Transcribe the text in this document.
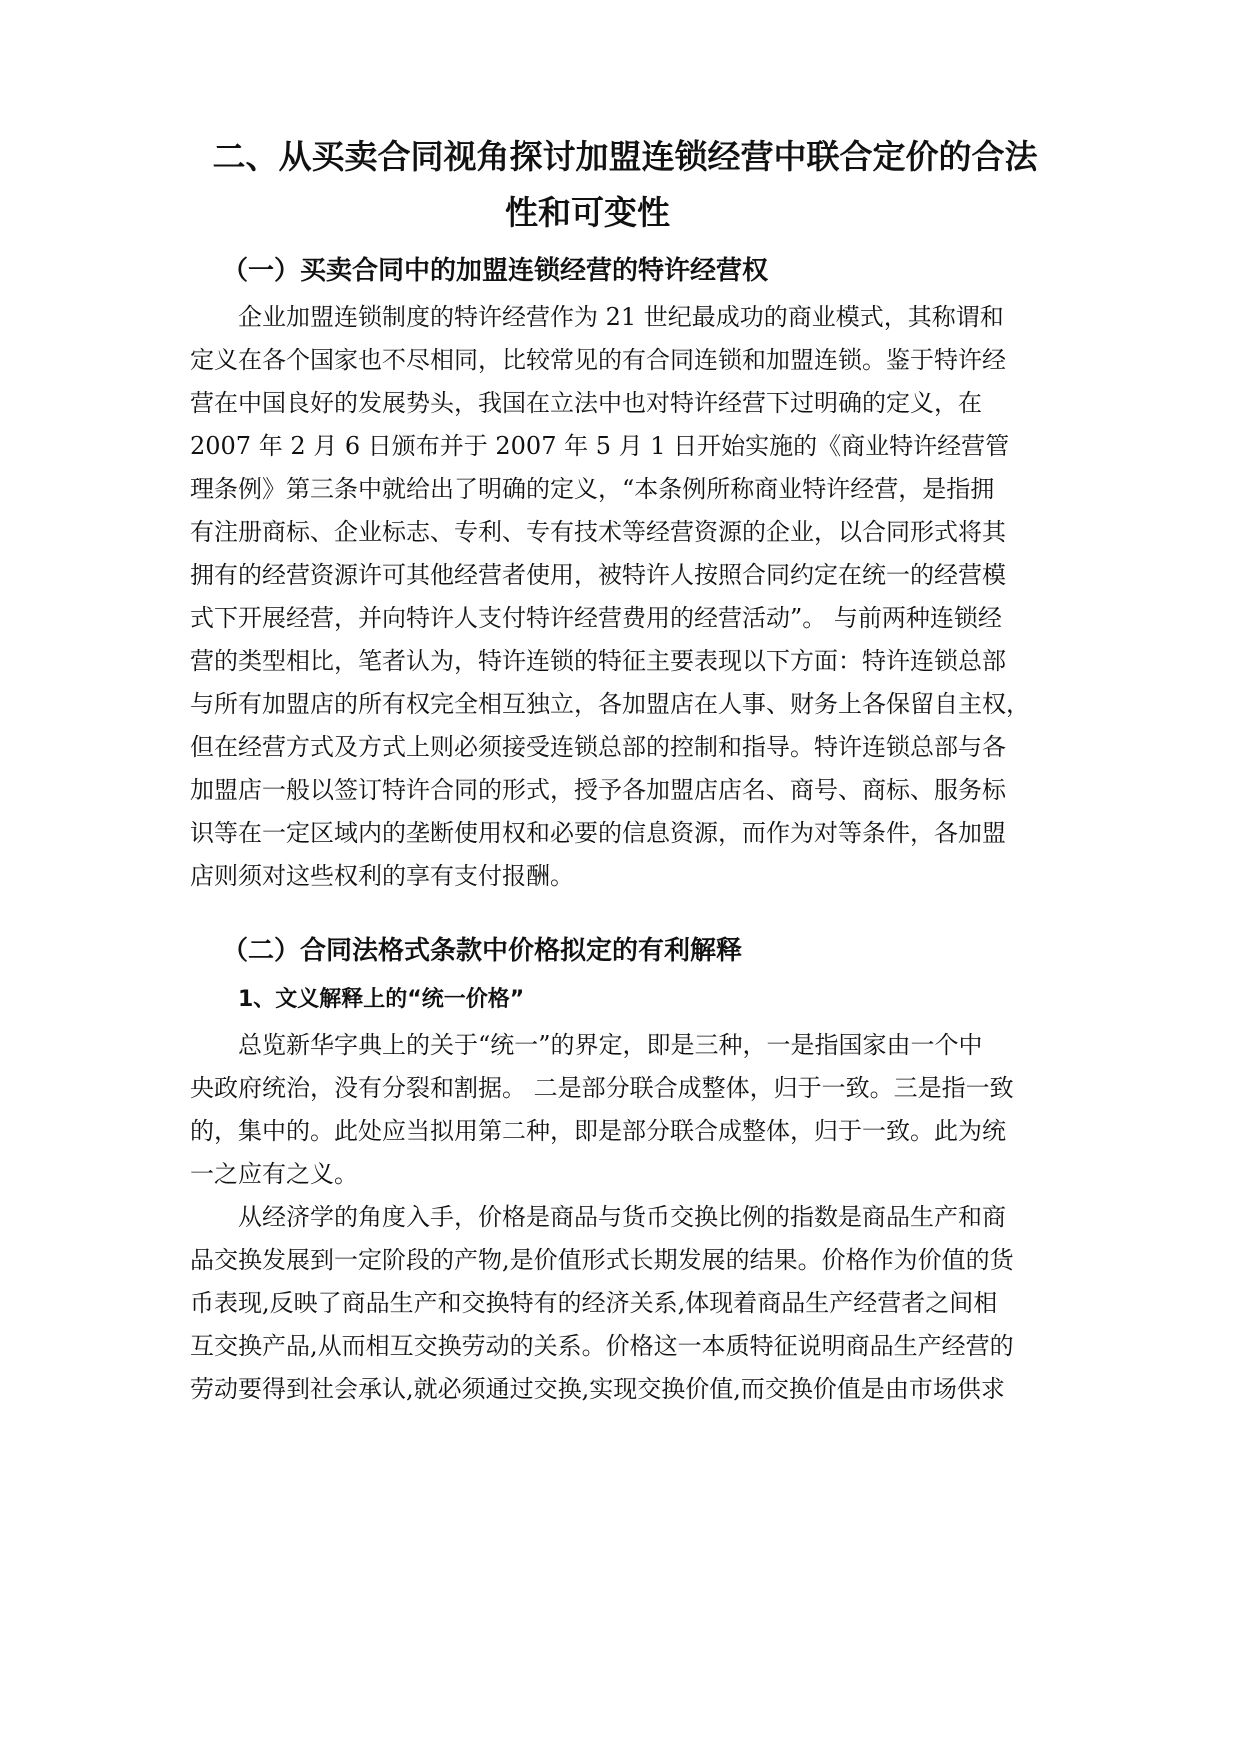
二、从买卖合同视角探讨加盟连锁经营中联合定价的合法
性和可变性
（一）买卖合同中的加盟连锁经营的特许经营权
企业加盟连锁制度的特许经营作为 21 世纪最成功的商业模式，其称谓和
定义在各个国家也不尽相同，比较常见的有合同连锁和加盟连锁。鉴于特许经
营在中国良好的发展势头，我国在立法中也对特许经营下过明确的定义，在
2007 年 2 月 6 日颁布并于 2007 年 5 月 1 日开始实施的《商业特许经营管
理条例》第三条中就给出了明确的定义，“本条例所称商业特许经营，是指拥
有注册商标、企业标志、专利、专有技术等经营资源的企业，以合同形式将其
拥有的经营资源许可其他经营者使用，被特许人按照合同约定在统一的经营模
式下开展经营，并向特许人支付特许经营费用的经营活动”。 与前两种连锁经
营的类型相比，笔者认为，特许连锁的特征主要表现以下方面：特许连锁总部
与所有加盟店的所有权完全相互独立，各加盟店在人事、财务上各保留自主权，
但在经营方式及方式上则必须接受连锁总部的控制和指导。特许连锁总部与各
加盟店一般以签订特许合同的形式，授予各加盟店店名、商号、商标、服务标
识等在一定区域内的垄断使用权和必要的信息资源，而作为对等条件，各加盟
店则须对这些权利的享有支付报酬。
（二）合同法格式条款中价格拟定的有利解释
1、文义解释上的“统一价格”
总览新华字典上的关于“统一”的界定，即是三种，一是指国家由一个中
央政府统治，没有分裂和割据。 二是部分联合成整体，归于一致。三是指一致
的，集中的。此处应当拟用第二种，即是部分联合成整体，归于一致。此为统
一之应有之义。
从经济学的角度入手，价格是商品与货币交换比例的指数是商品生产和商
品交换发展到一定阶段的产物,是价值形式长期发展的结果。价格作为价值的货
币表现,反映了商品生产和交换特有的经济关系,体现着商品生产经营者之间相
互交换产品,从而相互交换劳动的关系。价格这一本质特征说明商品生产经营的
劳动要得到社会承认,就必须通过交换,实现交换价值,而交换价值是由市场供求
